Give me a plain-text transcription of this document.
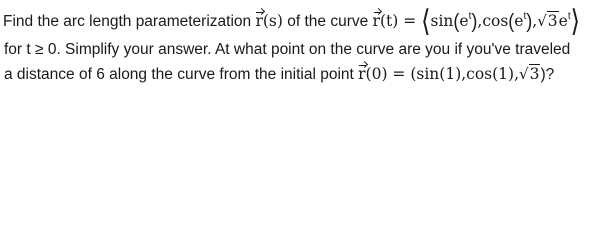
Find the arc length parameterization r(s) of the curve $r(t) = ⟨\sin(e^t),\cos(e^t),√3e^t⟩$
for t ≥ 0. Simplify your answer. At what point on the curve are you if you've traveled
a distance of 6 along the curve from the initial point r(0) = (sin(1),cos(1),√3)?
